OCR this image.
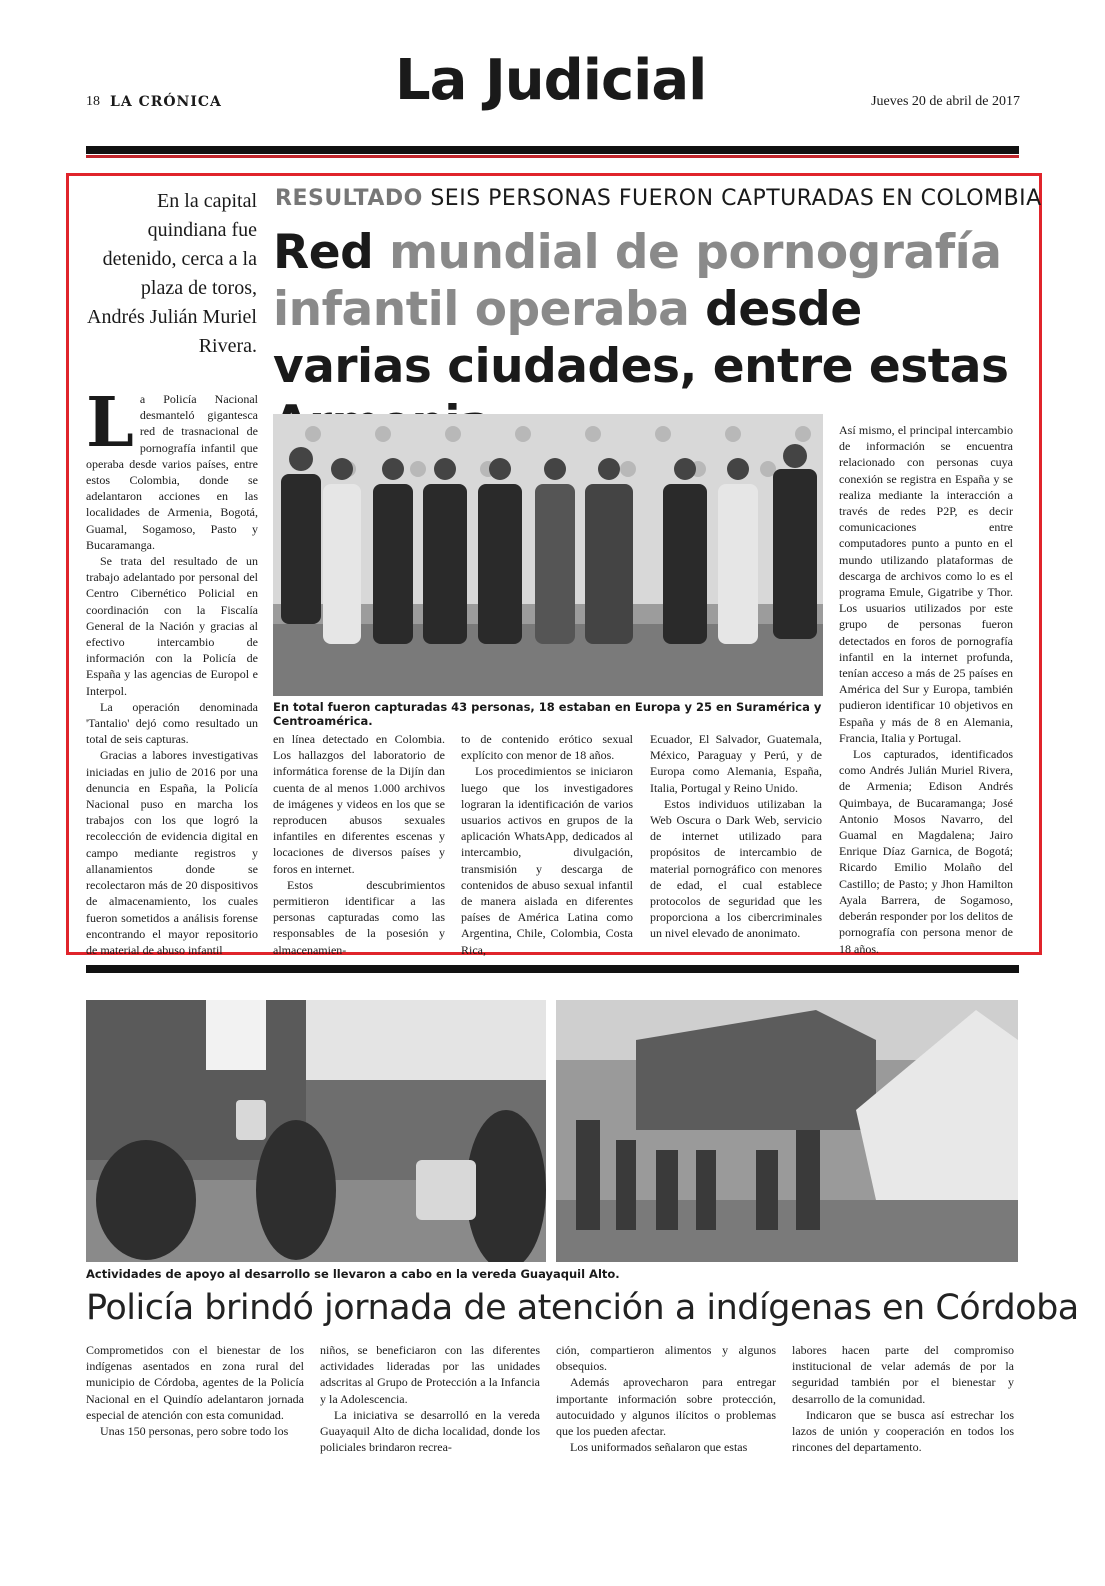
18 LA CRÓNICA	La Judicial	Jueves 20 de abril de 2017
En la capital quindiana fue detenido, cerca a la plaza de toros, Andrés Julián Muriel Rivera.
RESULTADO SEIS PERSONAS FUERON CAPTURADAS EN COLOMBIA
Red mundial de pornografía infantil operaba desde varias ciudades, entre estas
En total fueron capturadas 43 personas, 18 estaban en Europa y 25 en Suramérica y Centroamérica.

La Policía Nacional desmanteló gigantesca red de trasnacional de pornografía infantil que operaba desde varios países, entre estos Colombia, donde se adelantaron acciones en las localidades de Armenia, Bogotá, Guamal, Sogamoso, Pasto y Bucaramanga.

Se trata del resultado de un trabajo adelantado por personal del Centro Cibernético Policial en coordinación con la Fiscalía General de la Nación y gracias al efectivo intercambio de información con la Policía de España y las agencias de Europol e Interpol.

La operación denominada 'Tantalio' dejó como resultado un total de seis capturas.

Gracias a labores investigativas iniciadas en julio de 2016 por una denuncia en España, la Policía Nacional puso en marcha los trabajos con los que logró la recolección de evidencia digital en campo mediante registros y allanamientos donde se recolectaron más de 20 dispositivos de almacenamiento, los cuales fueron sometidos a análisis forense encontrando el mayor repositorio de material de abuso infantil

en línea detectado en Colombia. Los hallazgos del laboratorio de informática forense de la Dijín dan cuenta de al menos 1.000 archivos de imágenes y videos en los que se reproducen abusos sexuales infantiles en diferentes escenas y locaciones de diversos países y foros en internet.

Estos descubrimientos permitieron identificar a las personas capturadas como las responsables de la posesión y almacenamien-

to de contenido erótico sexual explícito con menor de 18 años.

Los procedimientos se iniciaron luego que los investigadores lograran la identificación de varios usuarios activos en grupos de la aplicación WhatsApp, dedicados al intercambio, divulgación, transmisión y descarga de contenidos de abuso sexual infantil de manera aislada en diferentes países de América Latina como Argentina, Chile, Colombia, Costa Rica,

Ecuador, El Salvador, Guatemala, México, Paraguay y Perú, y de Europa como Alemania, España, Italia, Portugal y Reino Unido.

Estos individuos utilizaban la Web Oscura o Dark Web, servicio de internet utilizado para propósitos de intercambio de material pornográfico con menores de edad, el cual establece protocolos de seguridad que les proporciona a los cibercriminales un nivel elevado de anonimato.

Así mismo, el principal intercambio de información se encuentra relacionado con personas cuya conexión se registra en España y se realiza mediante la interacción a través de redes P2P, es decir comunicaciones entre computadores punto a punto en el mundo utilizando plataformas de descarga de archivos como lo es el programa Emule, Gigatribe y Thor. Los usuarios utilizados por este grupo de personas fueron detectados en foros de pornografía infantil en la internet profunda, tenían acceso a más de 25 países en América del Sur y Europa, también pudieron identificar 10 objetivos en España y más de 8 en Alemania, Francia, Italia y Portugal.

Los capturados, identificados como Andrés Julián Muriel Rivera, de Armenia; Edison Andrés Quimbaya, de Bucaramanga; José Antonio Mosos Navarro, del Guamal en Magdalena; Jairo Enrique Díaz Garnica, de Bogotá; Ricardo Emilio Molaño del Castillo; de Pasto; y Jhon Hamilton Ayala Barrera, de Sogamoso, deberán responder por los delitos de pornografía con persona menor de 18 años.

Actividades de apoyo al desarrollo se llevaron a cabo en la vereda Guayaquil Alto.
Policía brindó jornada de atención a indígenas en Córdoba

Comprometidos con el bienestar de los indígenas asentados en zona rural del municipio de Córdoba, agentes de la Policía Nacional en el Quindío adelantaron jornada especial de atención con esta comunidad.

Unas 150 personas, pero sobre todo los

niños, se beneficiaron con las diferentes actividades lideradas por las unidades adscritas al Grupo de Protección a la Infancia y la Adolescencia.

La iniciativa se desarrolló en la vereda Guayaquil Alto de dicha localidad, donde los policiales brindaron recrea-

ción, compartieron alimentos y algunos obsequios.

Además aprovecharon para entregar importante información sobre protección, autocuidado y algunos ilícitos o problemas que los pueden afectar.

Los uniformados señalaron que estas

labores hacen parte del compromiso institucional de velar además de por la seguridad también por el bienestar y desarrollo de la comunidad.

Indicaron que se busca así estrechar los lazos de unión y cooperación en todos los rincones del departamento.
